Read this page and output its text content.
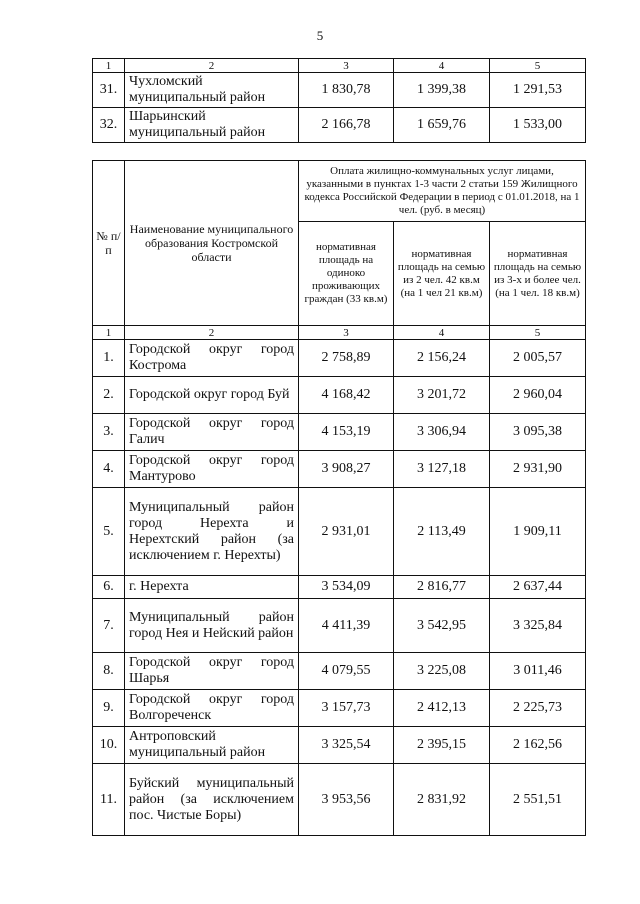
5
1	2	3	4	5
31.	Чухломский муниципальный район	1 830,78	1 399,38	1 291,53
32.	Шарьинский муниципальный район	2 166,78	1 659,76	1 533,00
№ п/п	Наименование муниципального образования Костромской области	Оплата жилищно-коммунальных услуг лицами, указанными в пунктах 1-3 части 2 статьи 159 Жилищного кодекса Российской Федерации в период с 01.01.2018, на 1 чел. (руб. в месяц)		
		нормативная площадь на одиноко проживающих граждан (33 кв.м)	нормативная площадь на семью из 2 чел. 42 кв.м (на 1 чел 21 кв.м)	нормативная площадь на семью из 3-х и более чел. (на 1 чел. 18 кв.м)
1	2	3	4	5
1.	Городской округ город Кострома	2 758,89	2 156,24	2 005,57
2.	Городской округ город Буй	4 168,42	3 201,72	2 960,04
3.	Городской округ город Галич	4 153,19	3 306,94	3 095,38
4.	Городской округ город Мантурово	3 908,27	3 127,18	2 931,90
5.	Муниципальный район город Нерехта и Нерехтский район (за исключением г. Нерехты)	2 931,01	2 113,49	1 909,11
6.	г. Нерехта	3 534,09	2 816,77	2 637,44
7.	Муниципальный район город Нея и Нейский район	4 411,39	3 542,95	3 325,84
8.	Городской округ город Шарья	4 079,55	3 225,08	3 011,46
9.	Городской округ город Волгореченск	3 157,73	2 412,13	2 225,73
10.	Антроповский муниципальный район	3 325,54	2 395,15	2 162,56
11.	Буйский муниципальный район (за исключением пос. Чистые Боры)	3 953,56	2 831,92	2 551,51
